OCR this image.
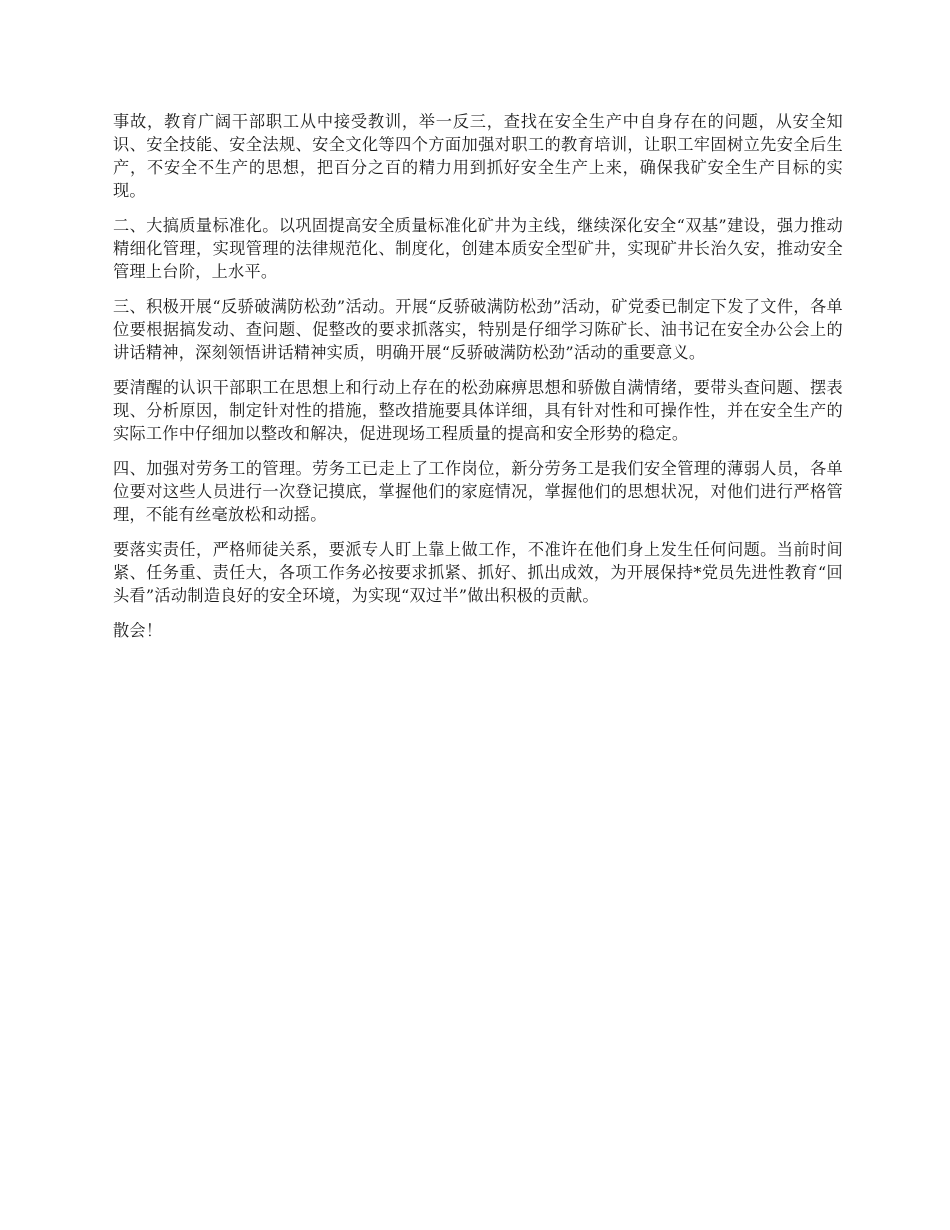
事故，教育广阔干部职工从中接受教训，举一反三，查找在安全生产中自身存在的问题，从安全知识、安全技能、安全法规、安全文化等四个方面加强对职工的教育培训，让职工牢固树立先安全后生产，不安全不生产的思想，把百分之百的精力用到抓好安全生产上来，确保我矿安全生产目标的实现。

二、大搞质量标准化。以巩固提高安全质量标准化矿井为主线，继续深化安全“双基”建设，强力推动精细化管理，实现管理的法律规范化、制度化，创建本质安全型矿井，实现矿井长治久安，推动安全管理上台阶，上水平。

三、积极开展“反骄破满防松劲”活动。开展“反骄破满防松劲”活动，矿党委已制定下发了文件，各单位要根据搞发动、查问题、促整改的要求抓落实，特别是仔细学习陈矿长、油书记在安全办公会上的讲话精神，深刻领悟讲话精神实质，明确开展“反骄破满防松劲”活动的重要意义。

要清醒的认识干部职工在思想上和行动上存在的松劲麻痹思想和骄傲自满情绪，要带头查问题、摆表现、分析原因，制定针对性的措施，整改措施要具体详细，具有针对性和可操作性，并在安全生产的实际工作中仔细加以整改和解决，促进现场工程质量的提高和安全形势的稳定。

四、加强对劳务工的管理。劳务工已走上了工作岗位，新分劳务工是我们安全管理的薄弱人员，各单位要对这些人员进行一次登记摸底，掌握他们的家庭情况，掌握他们的思想状况，对他们进行严格管理，不能有丝毫放松和动摇。

要落实责任，严格师徒关系，要派专人盯上靠上做工作，不准许在他们身上发生任何问题。当前时间紧、任务重、责任大，各项工作务必按要求抓紧、抓好、抓出成效，为开展保持*党员先进性教育“回头看”活动制造良好的安全环境，为实现“双过半”做出积极的贡献。

散会！
